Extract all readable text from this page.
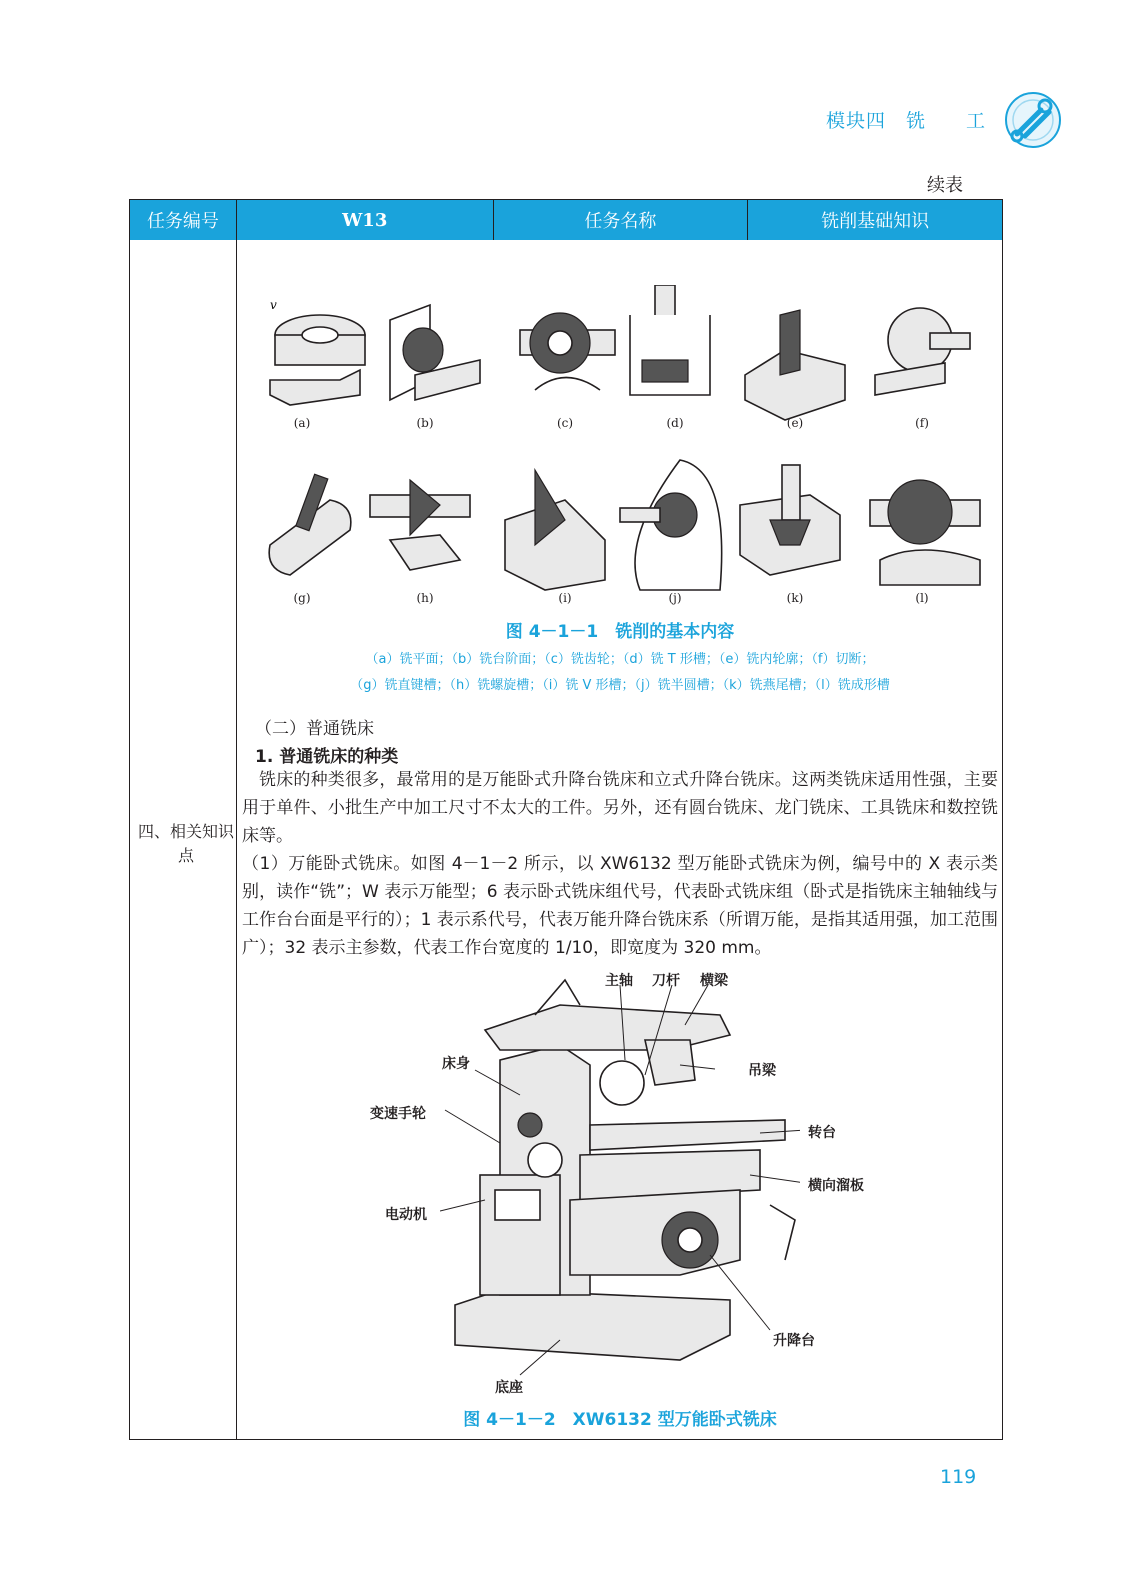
模块四　铣　　工
续表
任务编号	W13	任务名称	铣削基础知识
四、相关知识点
v
(a)	(b)	(c)	(d)	(e)	(f)
(g)	(h)	(i)	(j)	(k)	(l)
图 4－1－1　铣削的基本内容
（a）铣平面；（b）铣台阶面；（c）铣齿轮；（d）铣 T 形槽；（e）铣内轮廓；（f）切断；
（g）铣直键槽；（h）铣螺旋槽；（i）铣 V 形槽；（j）铣半圆槽；（k）铣燕尾槽；（l）铣成形槽
（二）普通铣床
1. 普通铣床的种类
铣床的种类很多，最常用的是万能卧式升降台铣床和立式升降台铣床。这两类铣床适用性强，主要用于单件、小批生产中加工尺寸不太大的工件。另外，还有圆台铣床、龙门铣床、工具铣床和数控铣床等。
（1）万能卧式铣床。如图 4－1－2 所示，以 XW6132 型万能卧式铣床为例，编号中的 X 表示类别，读作“铣”；W 表示万能型；6 表示卧式铣床组代号，代表卧式铣床组（卧式是指铣床主轴轴线与工作台台面是平行的）；1 表示系代号，代表万能升降台铣床系（所谓万能，是指其适用强，加工范围广）；32 表示主参数，代表工作台宽度的 1/10，即宽度为 320 mm。
主轴 刀杆 横梁
床身	吊梁
变速手轮
转台
横向溜板
电动机
升降台
底座
图 4－1－2　XW6132 型万能卧式铣床
119
